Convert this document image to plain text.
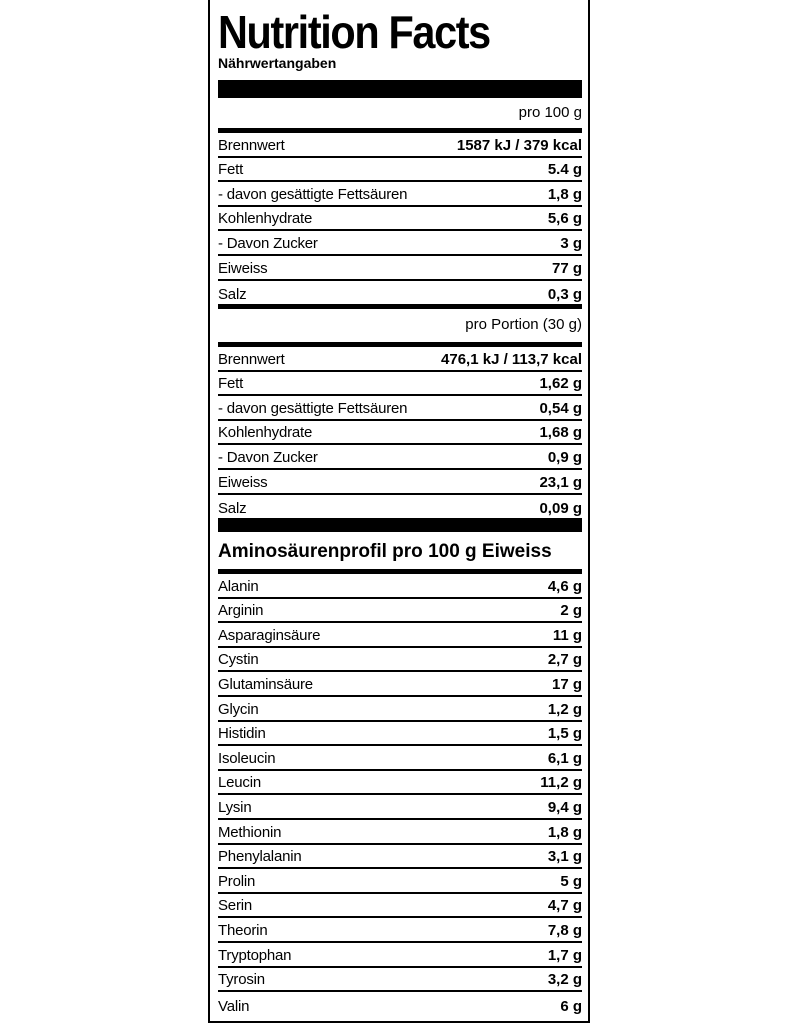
Nutrition Facts
Nährwertangaben
pro 100 g
Brennwert	1587 kJ / 379 kcal
Fett	5.4 g
- davon gesättigte Fettsäuren	1,8 g
Kohlenhydrate	5,6 g
- Davon Zucker	3 g
Eiweiss	77 g
Salz	0,3 g
pro Portion (30 g)
Brennwert	476,1 kJ / 113,7 kcal
Fett	1,62 g
- davon gesättigte Fettsäuren	0,54 g
Kohlenhydrate	1,68 g
- Davon Zucker	0,9 g
Eiweiss	23,1 g
Salz	0,09 g
Aminosäurenprofil pro 100 g Eiweiss
Alanin	4,6 g
Arginin	2 g
Asparaginsäure	11 g
Cystin	2,7 g
Glutaminsäure	17 g
Glycin	1,2 g
Histidin	1,5 g
Isoleucin	6,1 g
Leucin	11,2 g
Lysin	9,4 g
Methionin	1,8 g
Phenylalanin	3,1 g
Prolin	5 g
Serin	4,7 g
Theorin	7,8 g
Tryptophan	1,7 g
Tyrosin	3,2 g
Valin	6 g
